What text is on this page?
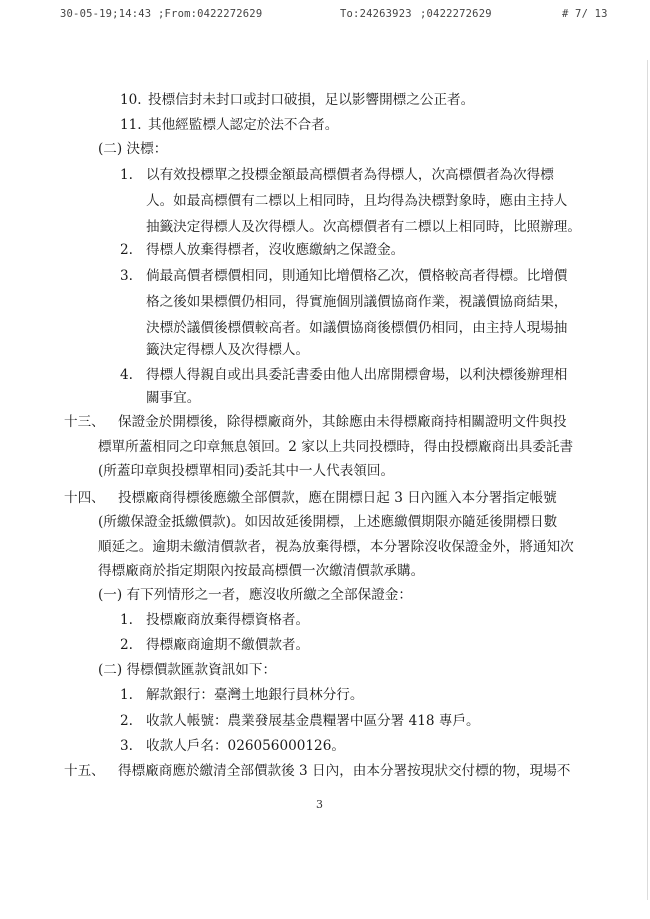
30-05-19;14:43 ;From:0422272629	To:24263923 ;0422272629	# 7/ 13
10. 投標信封未封口或封口破損，足以影響開標之公正者。
11. 其他經監標人認定於法不合者。
(二) 決標：
1. 以有效投標單之投標金額最高標價者為得標人，次高標價者為次得標
人。如最高標價有二標以上相同時，且均得為決標對象時，應由主持人
抽籤決定得標人及次得標人。次高標價者有二標以上相同時，比照辦理。
2. 得標人放棄得標者，沒收應繳納之保證金。
3. 倘最高價者標價相同，則通知比增價格乙次，價格較高者得標。比增價
格之後如果標價仍相同，得實施個別議價協商作業，視議價協商結果，
決標於議價後標價較高者。如議價協商後標價仍相同，由主持人現場抽
籤決定得標人及次得標人。
4. 得標人得親自或出具委託書委由他人出席開標會場，以利決標後辦理相
關事宜。
十三、 保證金於開標後，除得標廠商外，其餘應由未得標廠商持相關證明文件與投
標單所蓋相同之印章無息領回。2 家以上共同投標時，得由投標廠商出具委託書
(所蓋印章與投標單相同)委託其中一人代表領回。
十四、 投標廠商得標後應繳全部價款，應在開標日起 3 日內匯入本分署指定帳號
(所繳保證金抵繳價款)。如因故延後開標，上述應繳價期限亦隨延後開標日數
順延之。逾期未繳清價款者，視為放棄得標，本分署除沒收保證金外，將通知次
得標廠商於指定期限內按最高標價一次繳清價款承購。
(一) 有下列情形之一者，應沒收所繳之全部保證金：
1. 投標廠商放棄得標資格者。
2. 得標廠商逾期不繳價款者。
(二) 得標價款匯款資訊如下：
1. 解款銀行：臺灣土地銀行員林分行。
2. 收款人帳號：農業發展基金農糧署中區分署 418 專戶。
3. 收款人戶名：026056000126。
十五、 得標廠商應於繳清全部價款後 3 日內，由本分署按現狀交付標的物，現場不
3
